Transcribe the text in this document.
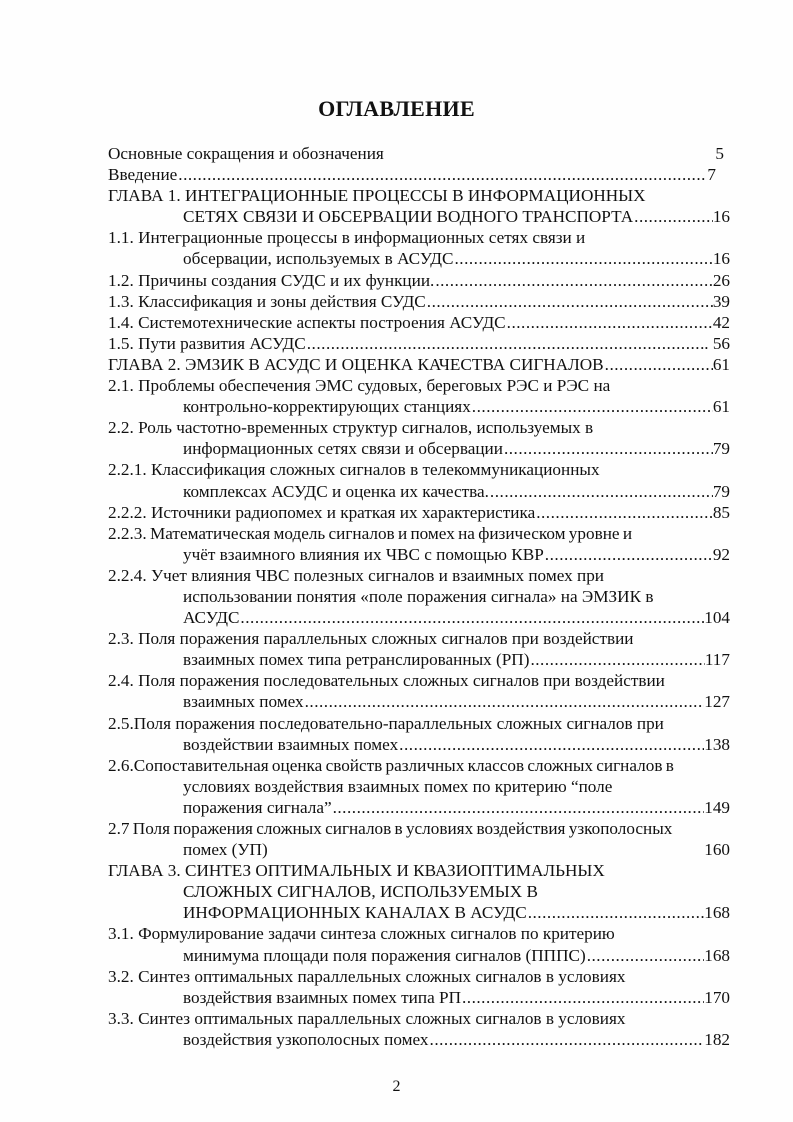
ОГЛАВЛЕНИЕ
Основные сокращения и обозначения	5
Введение .....	7
ГЛАВА 1. ИНТЕГРАЦИОННЫЕ ПРОЦЕССЫ В ИНФОРМАЦИОННЫХ
СЕТЯХ СВЯЗИ И ОБСЕРВАЦИИ ВОДНОГО ТРАНСПОРТА .....	16
1.1. Интеграционные процессы в информационных сетях связи и
обсервации, используемых в АСУДС .....	16
1.2. Причины создания СУДС и их функции. .....	26
1.3. Классификация и зоны действия СУДС .....	39
1.4. Системотехнические аспекты построения АСУДС .....	42
1.5. Пути развития АСУДС .....	. 56
ГЛАВА 2. ЭМЗИК В АСУДС И ОЦЕНКА КАЧЕСТВА СИГНАЛОВ .....	61
2.1. Проблемы обеспечения ЭМС судовых, береговых РЭС и РЭС на
контрольно-корректирующих станциях .....	61
2.2. Роль частотно-временных структур сигналов, используемых в
информационных сетях связи и обсервации .....	79
2.2.1. Классификация сложных сигналов в телекоммуникационных
комплексах АСУДС и оценка их качества. .....	79
2.2.2. Источники радиопомех и краткая их характеристика .....	85
2.2.3. Математическая модель сигналов и помех на физическом уровне и
учёт взаимного влияния их ЧВС с помощью КВР .....	92
2.2.4. Учет влияния ЧВС полезных сигналов и взаимных помех при
использовании понятия «поле поражения сигнала» на ЭМЗИК в
АСУДС .....	104
2.3. Поля поражения параллельных сложных сигналов при воздействии
взаимных помех типа ретранслированных (РП) .....	117
2.4. Поля поражения последовательных сложных сигналов при воздействии
взаимных помех .....	127
2.5.Поля поражения последовательно-параллельных сложных сигналов при
воздействии взаимных помех .....	138
2.6.Сопоставительная оценка свойств различных классов сложных сигналов в
условиях воздействия взаимных помех по критерию “поле
поражения сигнала” .....	149
2.7 Поля поражения сложных сигналов в условиях воздействия узкополосных
помех (УП)	160
ГЛАВА 3. СИНТЕЗ ОПТИМАЛЬНЫХ И КВАЗИОПТИМАЛЬНЫХ
СЛОЖНЫХ СИГНАЛОВ, ИСПОЛЬЗУЕМЫХ В
ИНФОРМАЦИОННЫХ КАНАЛАХ В АСУДС .....	168
3.1. Формулирование задачи синтеза сложных сигналов по критерию
минимума площади поля поражения сигналов (ПППС) .....	168
3.2. Синтез оптимальных параллельных сложных сигналов в условиях
воздействия взаимных помех типа РП .....	170
3.3. Синтез оптимальных параллельных сложных сигналов в условиях
воздействия узкополосных помех .....	182
2
